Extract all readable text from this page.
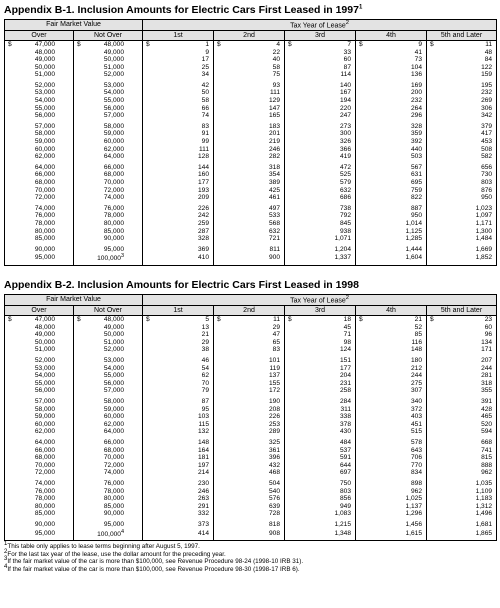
Appendix B-1. Inclusion Amounts for Electric Cars First Leased in 1997$^1$
Fair Market Value		Tax Year of Lease$^2$
Over	Not Over	1st	2nd	3rd	4th	5th and Later

$ 47,000	$ 48,000	$ 1	$ 4	$ 7	$ 9	$ 11
48,000	49,000	9	22	33	41	48
49,000	50,000	17	40	60	73	84
50,000	51,000	25	58	87	104	122
51,000	52,000	34	75	114	136	159
52,000	53,000	42	93	140	169	195
53,000	54,000	50	111	167	200	232
54,000	55,000	58	129	194	232	269
55,000	56,000	66	147	220	264	306
56,000	57,000	74	165	247	296	342
57,000	58,000	83	183	273	328	379
58,000	59,000	91	201	300	359	417
59,000	60,000	99	219	326	392	453
60,000	62,000	111	246	366	440	508
62,000	64,000	128	282	419	503	582
64,000	66,000	144	318	472	567	656
66,000	68,000	160	354	525	631	730
68,000	70,000	177	389	579	695	803
70,000	72,000	193	425	632	759	876
72,000	74,000	209	461	686	822	950
74,000	76,000	226	497	738	887	1,023
76,000	78,000	242	533	792	950	1,097
78,000	80,000	259	568	845	1,014	1,171
80,000	85,000	287	632	938	1,125	1,300
85,000	90,000	328	721	1,071	1,285	1,484
90,000	95,000	369	811	1,204	1,444	1,669
95,000	100,000$^3$	410	900	1,337	1,604	1,852
Appendix B-2. Inclusion Amounts for Electric Cars First Leased in 1998
Fair Market Value		Tax Year of Lease$^2$
Over	Not Over	1st	2nd	3rd	4th	5th and Later

$ 47,000	$ 48,000	$ 5	$ 11	$ 18	$ 21	$ 23
48,000	49,000	13	29	45	52	60
49,000	50,000	21	47	71	85	96
50,000	51,000	29	65	98	116	134
51,000	52,000	38	83	124	148	171
52,000	53,000	46	101	151	180	207
53,000	54,000	54	119	177	212	244
54,000	55,000	62	137	204	244	281
55,000	56,000	70	155	231	275	318
56,000	57,000	79	172	258	307	355
57,000	58,000	87	190	284	340	391
58,000	59,000	95	208	311	372	428
59,000	60,000	103	226	338	403	465
60,000	62,000	115	253	378	451	520
62,000	64,000	132	289	430	515	594
64,000	66,000	148	325	484	578	668
66,000	68,000	164	361	537	643	741
68,000	70,000	181	396	591	706	815
70,000	72,000	197	432	644	770	888
72,000	74,000	214	468	697	834	962
74,000	76,000	230	504	750	898	1,035
76,000	78,000	246	540	803	962	1,109
78,000	80,000	263	576	856	1,025	1,183
80,000	85,000	291	639	949	1,137	1,312
85,000	90,000	332	728	1,083	1,296	1,496
90,000	95,000	373	818	1,215	1,456	1,681
95,000	100,000$^4$	414	908	1,348	1,615	1,865
$^1$This table only applies to lease terms beginning after August 5, 1997.
$^2$For the last tax year of the lease, use the dollar amount for the preceding year.
$^3$If the fair market value of the car is more than $100,000, see Revenue Procedure 98-24 (1998-10 IRB 31).
$^4$If the fair market value of the car is more than $100,000, see Revenue Procedure 98-30 (1998-17 IRB 6).
